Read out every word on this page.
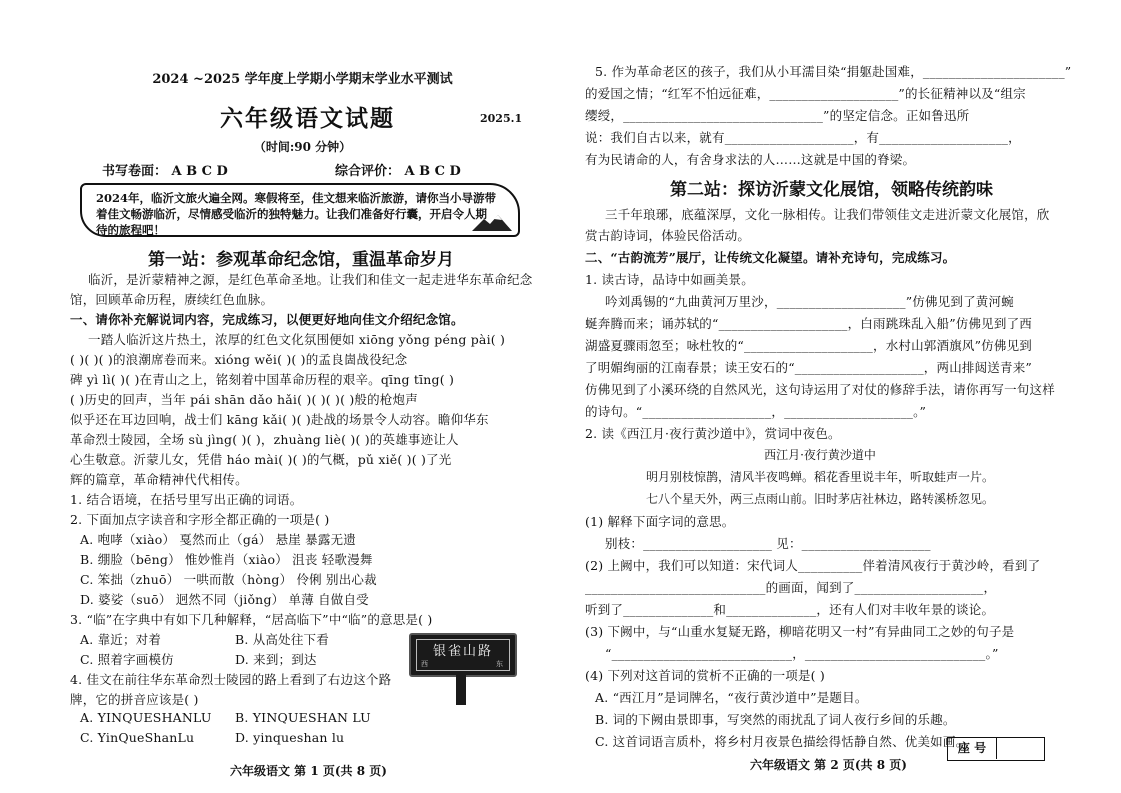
2024 ~2025 学年度上学期小学期末学业水平测试
六年级语文试题	2025.1
（时间:90 分钟）
书写卷面： A B C D	综合评价： A B C D
2024年，临沂文旅火遍全网。寒假将至，佳文想来临沂旅游，请你当小导游带着佳文畅游临沂，尽情感受临沂的独特魅力。让我们准备好行囊，开启令人期待的旅程吧！
第一站：参观革命纪念馆，重温革命岁月
临沂，是沂蒙精神之源，是红色革命圣地。让我们和佳文一起走进华东革命纪念
馆，回顾革命历程，赓续红色血脉。
一、请你补充解说词内容，完成练习，以便更好地向佳文介绍纪念馆。
一踏人临沂这片热土，浓厚的红色文化氛围便如 xiōng yǒng péng pài( )
( )( )( )的浪潮席卷而来。xióng wěi( )( )的孟良崮战役纪念
碑 yì lì( )( )在青山之上，铭刻着中国革命历程的艰辛。qīng tīng( )
( )历史的回声，当年 pái shān dǎo hǎi( )( )( )( )般的枪炮声
似乎还在耳边回响，战士们 kāng kǎi( )( )赴战的场景令人动容。瞻仰华东
革命烈士陵园，全场 sù jìng( )( )，zhuàng liè( )( )的英雄事迹让人
心生敬意。沂蒙儿女，凭借 háo mài( )( )的气概，pǔ xiě( )( )了光
辉的篇章，革命精神代代相传。
1. 结合语境，在括号里写出正确的词语。
2. 下面加点字读音和字形全都正确的一项是( )
A. 咆哮（xiào） 戛然而止（gá） 悬崖 暴露无遗
B. 绷脸（bēng） 惟妙惟肖（xiào） 沮丧 轻歌漫舞
C. 笨拙（zhuō） 一哄而散（hòng） 伶俐 别出心裁
D. 婆娑（suō） 迥然不同（jiǒng） 单薄 自做自受
3. “临”在字典中有如下几种解释，“居高临下”中“临”的意思是( )
A. 靠近；对着	B. 从高处往下看
C. 照着字画模仿	D. 来到；到达
4. 佳文在前往华东革命烈士陵园的路上看到了右边这个路
牌，它的拼音应该是( )
A. YINQUESHANLU B. YINQUESHAN LU
C. YinQueShanLu	D. yinqueshan lu
银雀山路
西	东
六年级语文 第 1 页(共 8 页)
5. 作为革命老区的孩子，我们从小耳濡目染“捐躯赴国难，______________________”
的爱国之情；“红军不怕远征难，____________________”的长征精神以及“组宗
缨绶，_______________________________”的坚定信念。正如鲁迅所
说：我们自古以来，就有____________________，有____________________，
有为民请命的人，有舍身求法的人……这就是中国的脊梁。
第二站：探访沂蒙文化展馆，领略传统韵味
三千年琅琊，底蕴深厚，文化一脉相传。让我们带领佳文走进沂蒙文化展馆，欣
赏古韵诗词，体验民俗活动。
二、“古韵流芳”展厅，让传统文化凝望。请补充诗句，完成练习。
1. 读古诗，品诗中如画美景。
吟刘禹锡的“九曲黄河万里沙，____________________”仿佛见到了黄河蜿
蜒奔腾而来；诵苏轼的“____________________，白雨跳珠乱入船”仿佛见到了西
湖盛夏骤雨忽至；咏杜牧的“____________________，水村山郭酒旗风”仿佛见到
了明媚绚丽的江南春景；读王安石的“____________________，两山排闼送青来”
仿佛见到了小溪环绕的自然风光，这句诗运用了对仗的修辞手法，请你再写一句这样
的诗句。“____________________，____________________。”
2. 读《西江月·夜行黄沙道中》，赏词中夜色。
西江月·夜行黄沙道中
明月别枝惊鹊，清风半夜鸣蝉。稻花香里说丰年，听取蛙声一片。
七八个星天外，两三点雨山前。旧时茅店社林边，路转溪桥忽见。
(1) 解释下面字词的意思。
别枝：____________________ 见：____________________
(2) 上阙中，我们可以知道：宋代词人__________伴着清风夜行于黄沙岭，看到了
____________________________的画面，闻到了____________________，
听到了______________和______________，还有人们对丰收年景的谈论。
(3) 下阙中，与“山重水复疑无路，柳暗花明又一村”有异曲同工之妙的句子是
“____________________________，____________________________。”
(4) 下列对这首词的赏析不正确的一项是( )
A. “西江月”是词牌名，“夜行黄沙道中”是题目。
B. 词的下阙由景即事，写突然的雨扰乱了词人夜行乡间的乐趣。
C. 这首词语言质朴，将乡村月夜景色描绘得恬静自然、优美如画。
六年级语文 第 2 页(共 8 页)
座 号
